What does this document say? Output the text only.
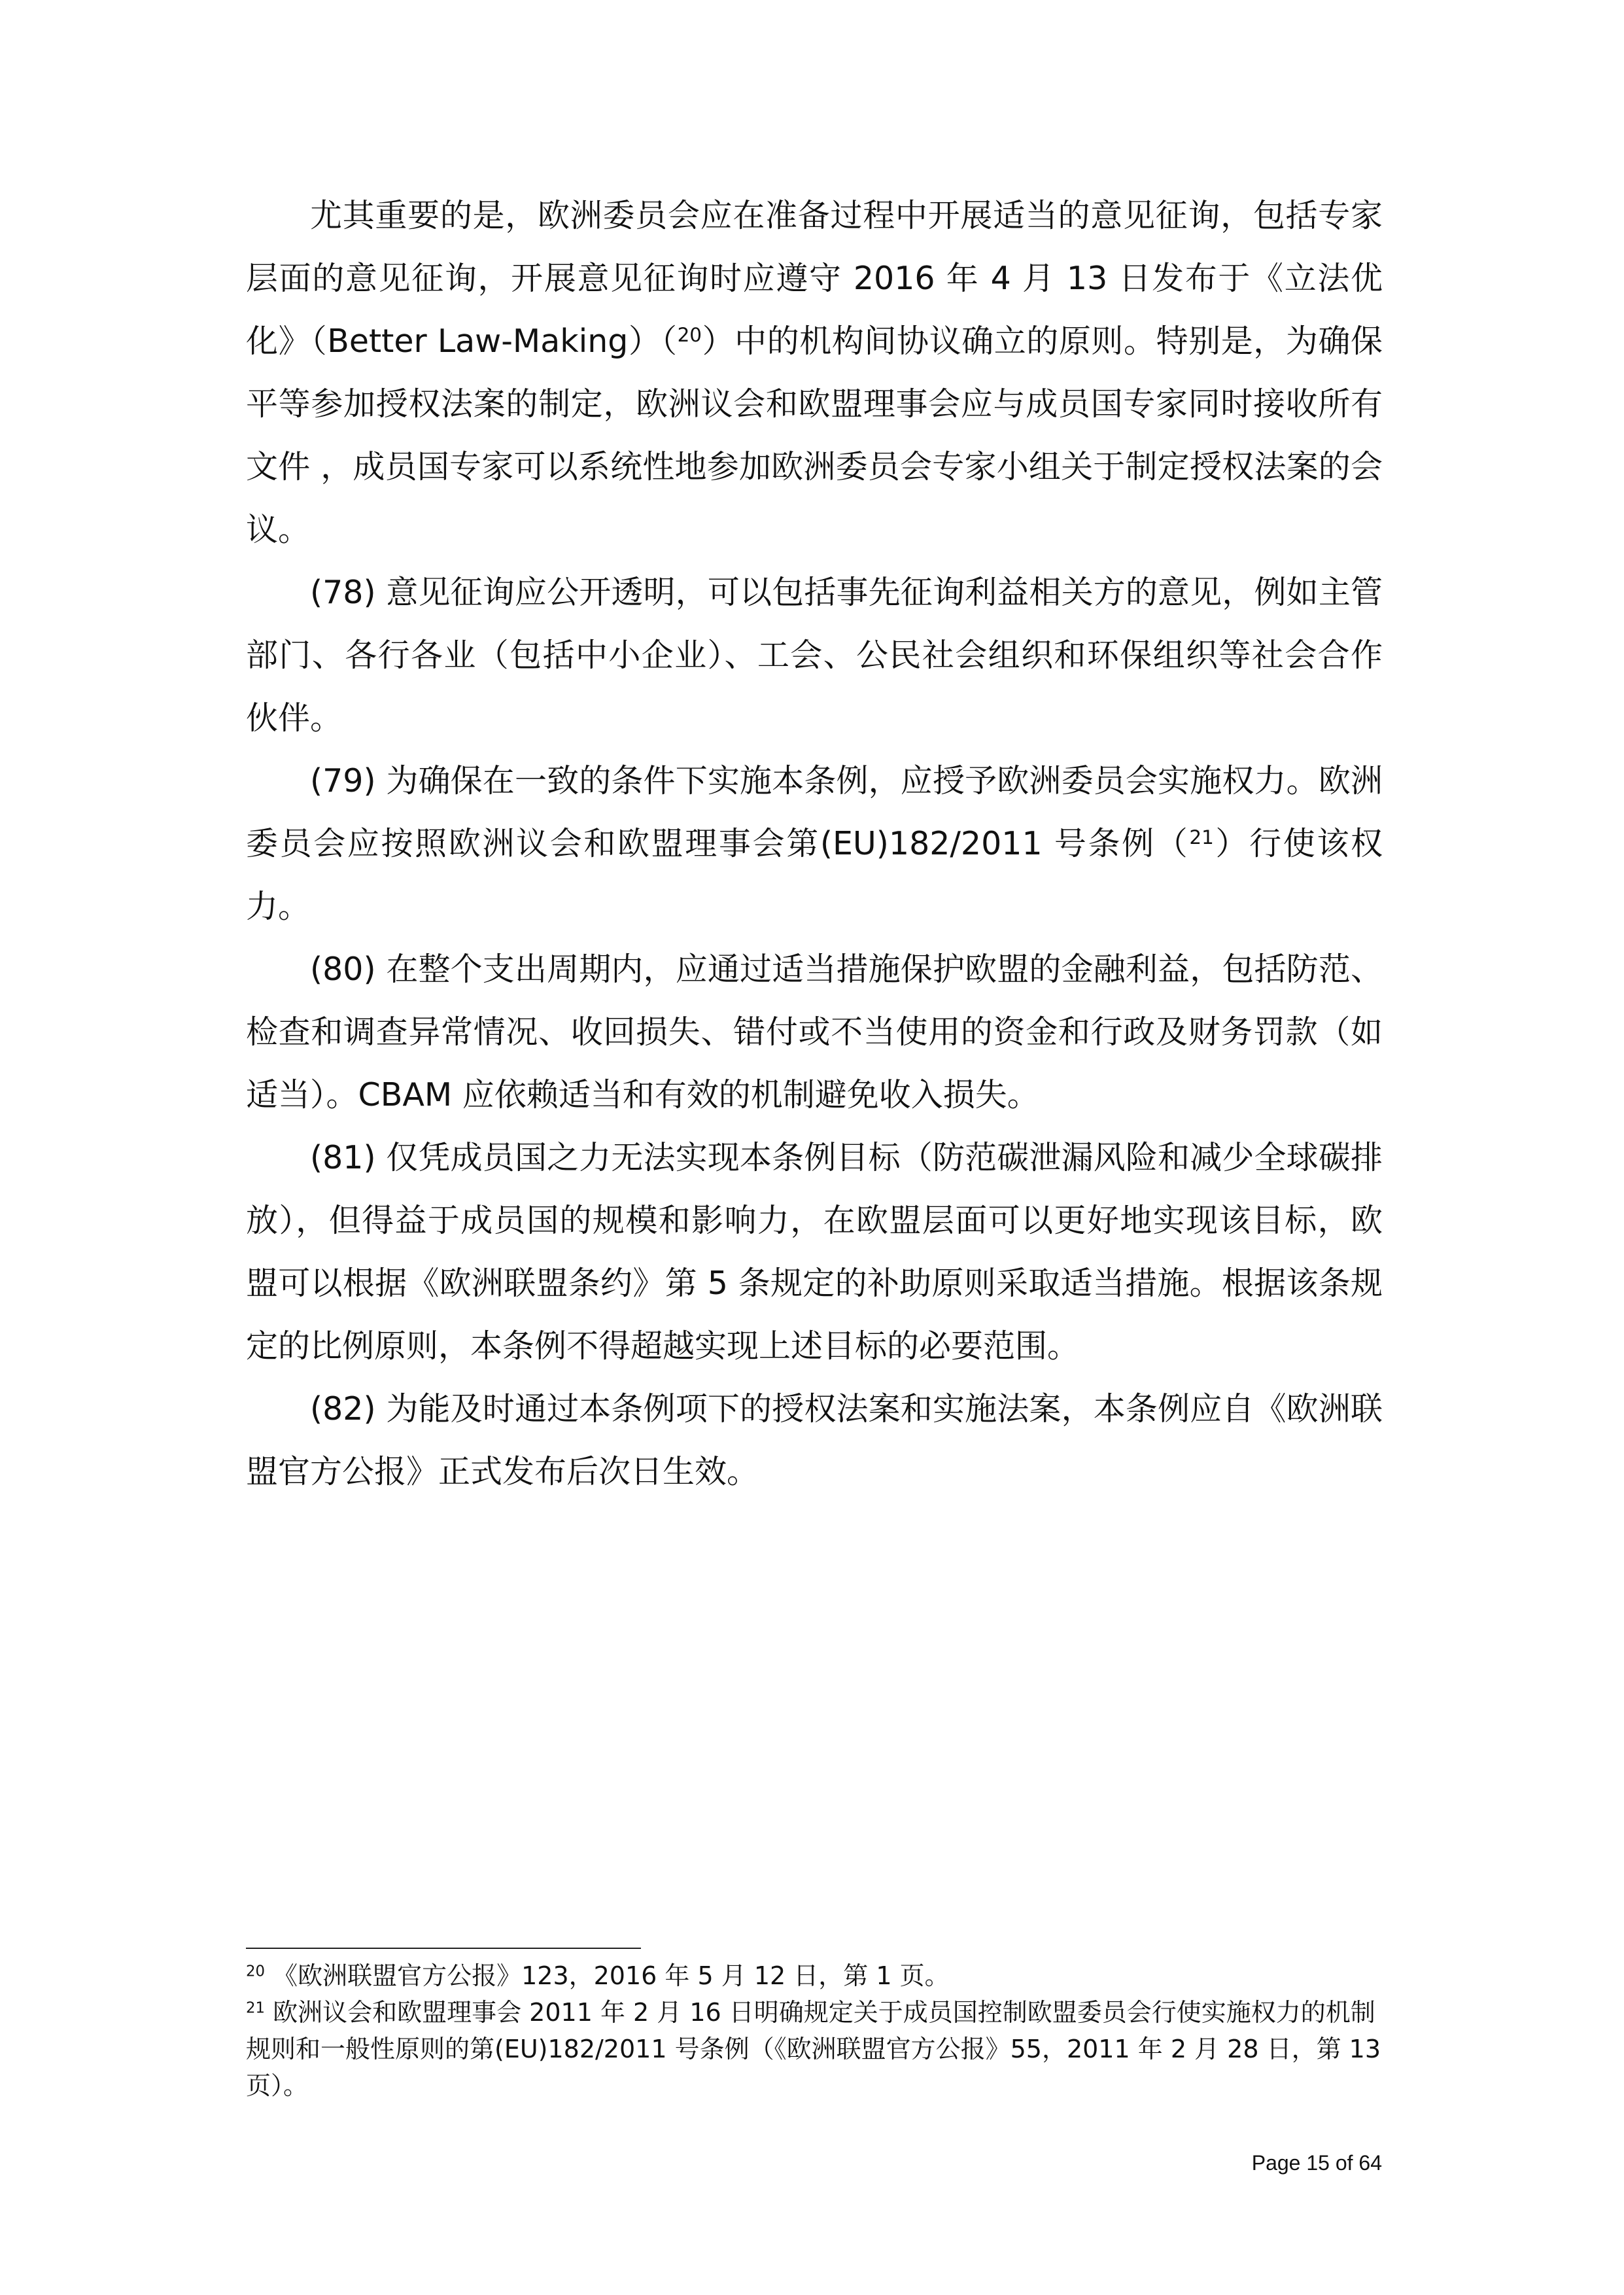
尤其重要的是，欧洲委员会应在准备过程中开展适当的意见征询，包括专家层面的意见征询，开展意见征询时应遵守 2016 年 4 月 13 日发布于《立法优化》（Better Law-Making）（$^{20}$）中的机构间协议确立的原则。特别是，为确保平等参加授权法案的制定，欧洲议会和欧盟理事会应与成员国专家同时接收所有文件 ，成员国专家可以系统性地参加欧洲委员会专家小组关于制定授权法案的会议。

(78) 意见征询应公开透明，可以包括事先征询利益相关方的意见，例如主管部门、各行各业（包括中小企业）、工会、公民社会组织和环保组织等社会合作伙伴。

(79) 为确保在一致的条件下实施本条例，应授予欧洲委员会实施权力。欧洲委员会应按照欧洲议会和欧盟理事会第(EU)182/2011 号条例（$^{21}$）行使该权力。

(80) 在整个支出周期内，应通过适当措施保护欧盟的金融利益，包括防范、检查和调查异常情况、收回损失、错付或不当使用的资金和行政及财务罚款（如适当）。CBAM 应依赖适当和有效的机制避免收入损失。

(81) 仅凭成员国之力无法实现本条例目标（防范碳泄漏风险和减少全球碳排放），但得益于成员国的规模和影响力，在欧盟层面可以更好地实现该目标，欧盟可以根据《欧洲联盟条约》第 5 条规定的补助原则采取适当措施。根据该条规定的比例原则，本条例不得超越实现上述目标的必要范围。

(82) 为能及时通过本条例项下的授权法案和实施法案，本条例应自《欧洲联盟官方公报》正式发布后次日生效。

$^{20}$ 《欧洲联盟官方公报》123，2016 年 5 月 12 日，第 1 页。

$^{21}$ 欧洲议会和欧盟理事会 2011 年 2 月 16 日明确规定关于成员国控制欧盟委员会行使实施权力的机制规则和一般性原则的第(EU)182/2011 号条例（《欧洲联盟官方公报》55，2011 年 2 月 28 日，第 13 页）。

Page 15 of 64
